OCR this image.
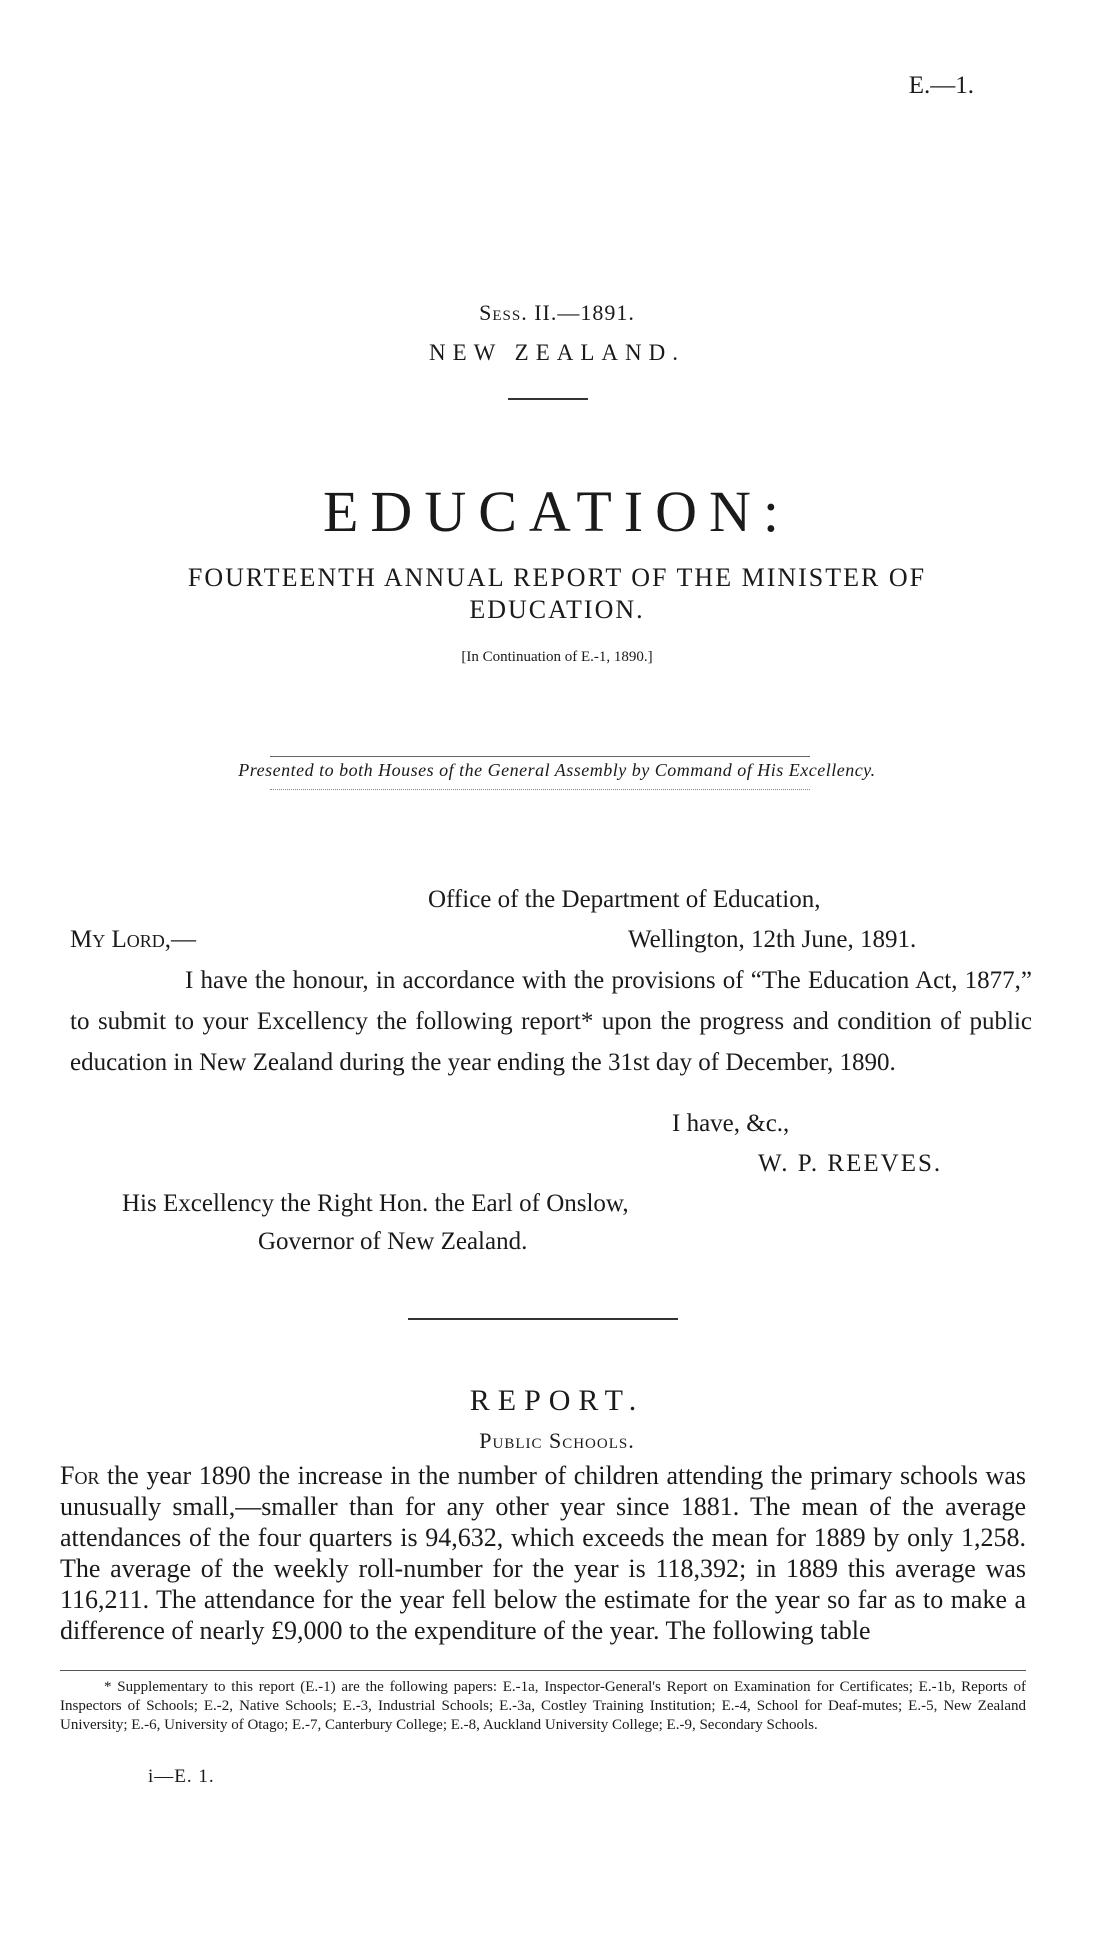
E.—1.
Sess. II.—1891.
NEW ZEALAND.
EDUCATION:
FOURTEENTH ANNUAL REPORT OF THE MINISTER OF
EDUCATION.
[In Continuation of E.-1, 1890.]
Presented to both Houses of the General Assembly by Command of His Excellency.
Office of the Department of Education,
My Lord,—	Wellington, 12th June, 1891.

I have the honour, in accordance with the provisions of “The Education Act, 1877,” to submit to your Excellency the following report* upon the progress and condition of public education in New Zealand during the year ending the 31st day of December, 1890.

I have, &c.,
W. P. REEVES.
His Excellency the Right Hon. the Earl of Onslow,
Governor of New Zealand.
REPORT.
Public Schools.

For the year 1890 the increase in the number of children attending the primary schools was unusually small,—smaller than for any other year since 1881. The mean of the average attendances of the four quarters is 94,632, which exceeds the mean for 1889 by only 1,258. The average of the weekly roll-number for the year is 118,392; in 1889 this average was 116,211. The attendance for the year fell below the estimate for the year so far as to make a difference of nearly £9,000 to the expenditure of the year. The following table

* Supplementary to this report (E.-1) are the following papers: E.-1a, Inspector-General's Report on Examination for Certificates; E.-1b, Reports of Inspectors of Schools; E.-2, Native Schools; E.-3, Industrial Schools; E.-3a, Costley Training Institution; E.-4, School for Deaf-mutes; E.-5, New Zealand University; E.-6, University of Otago; E.-7, Canterbury College; E.-8, Auckland University College; E.-9, Secondary Schools.

i—E. 1.
